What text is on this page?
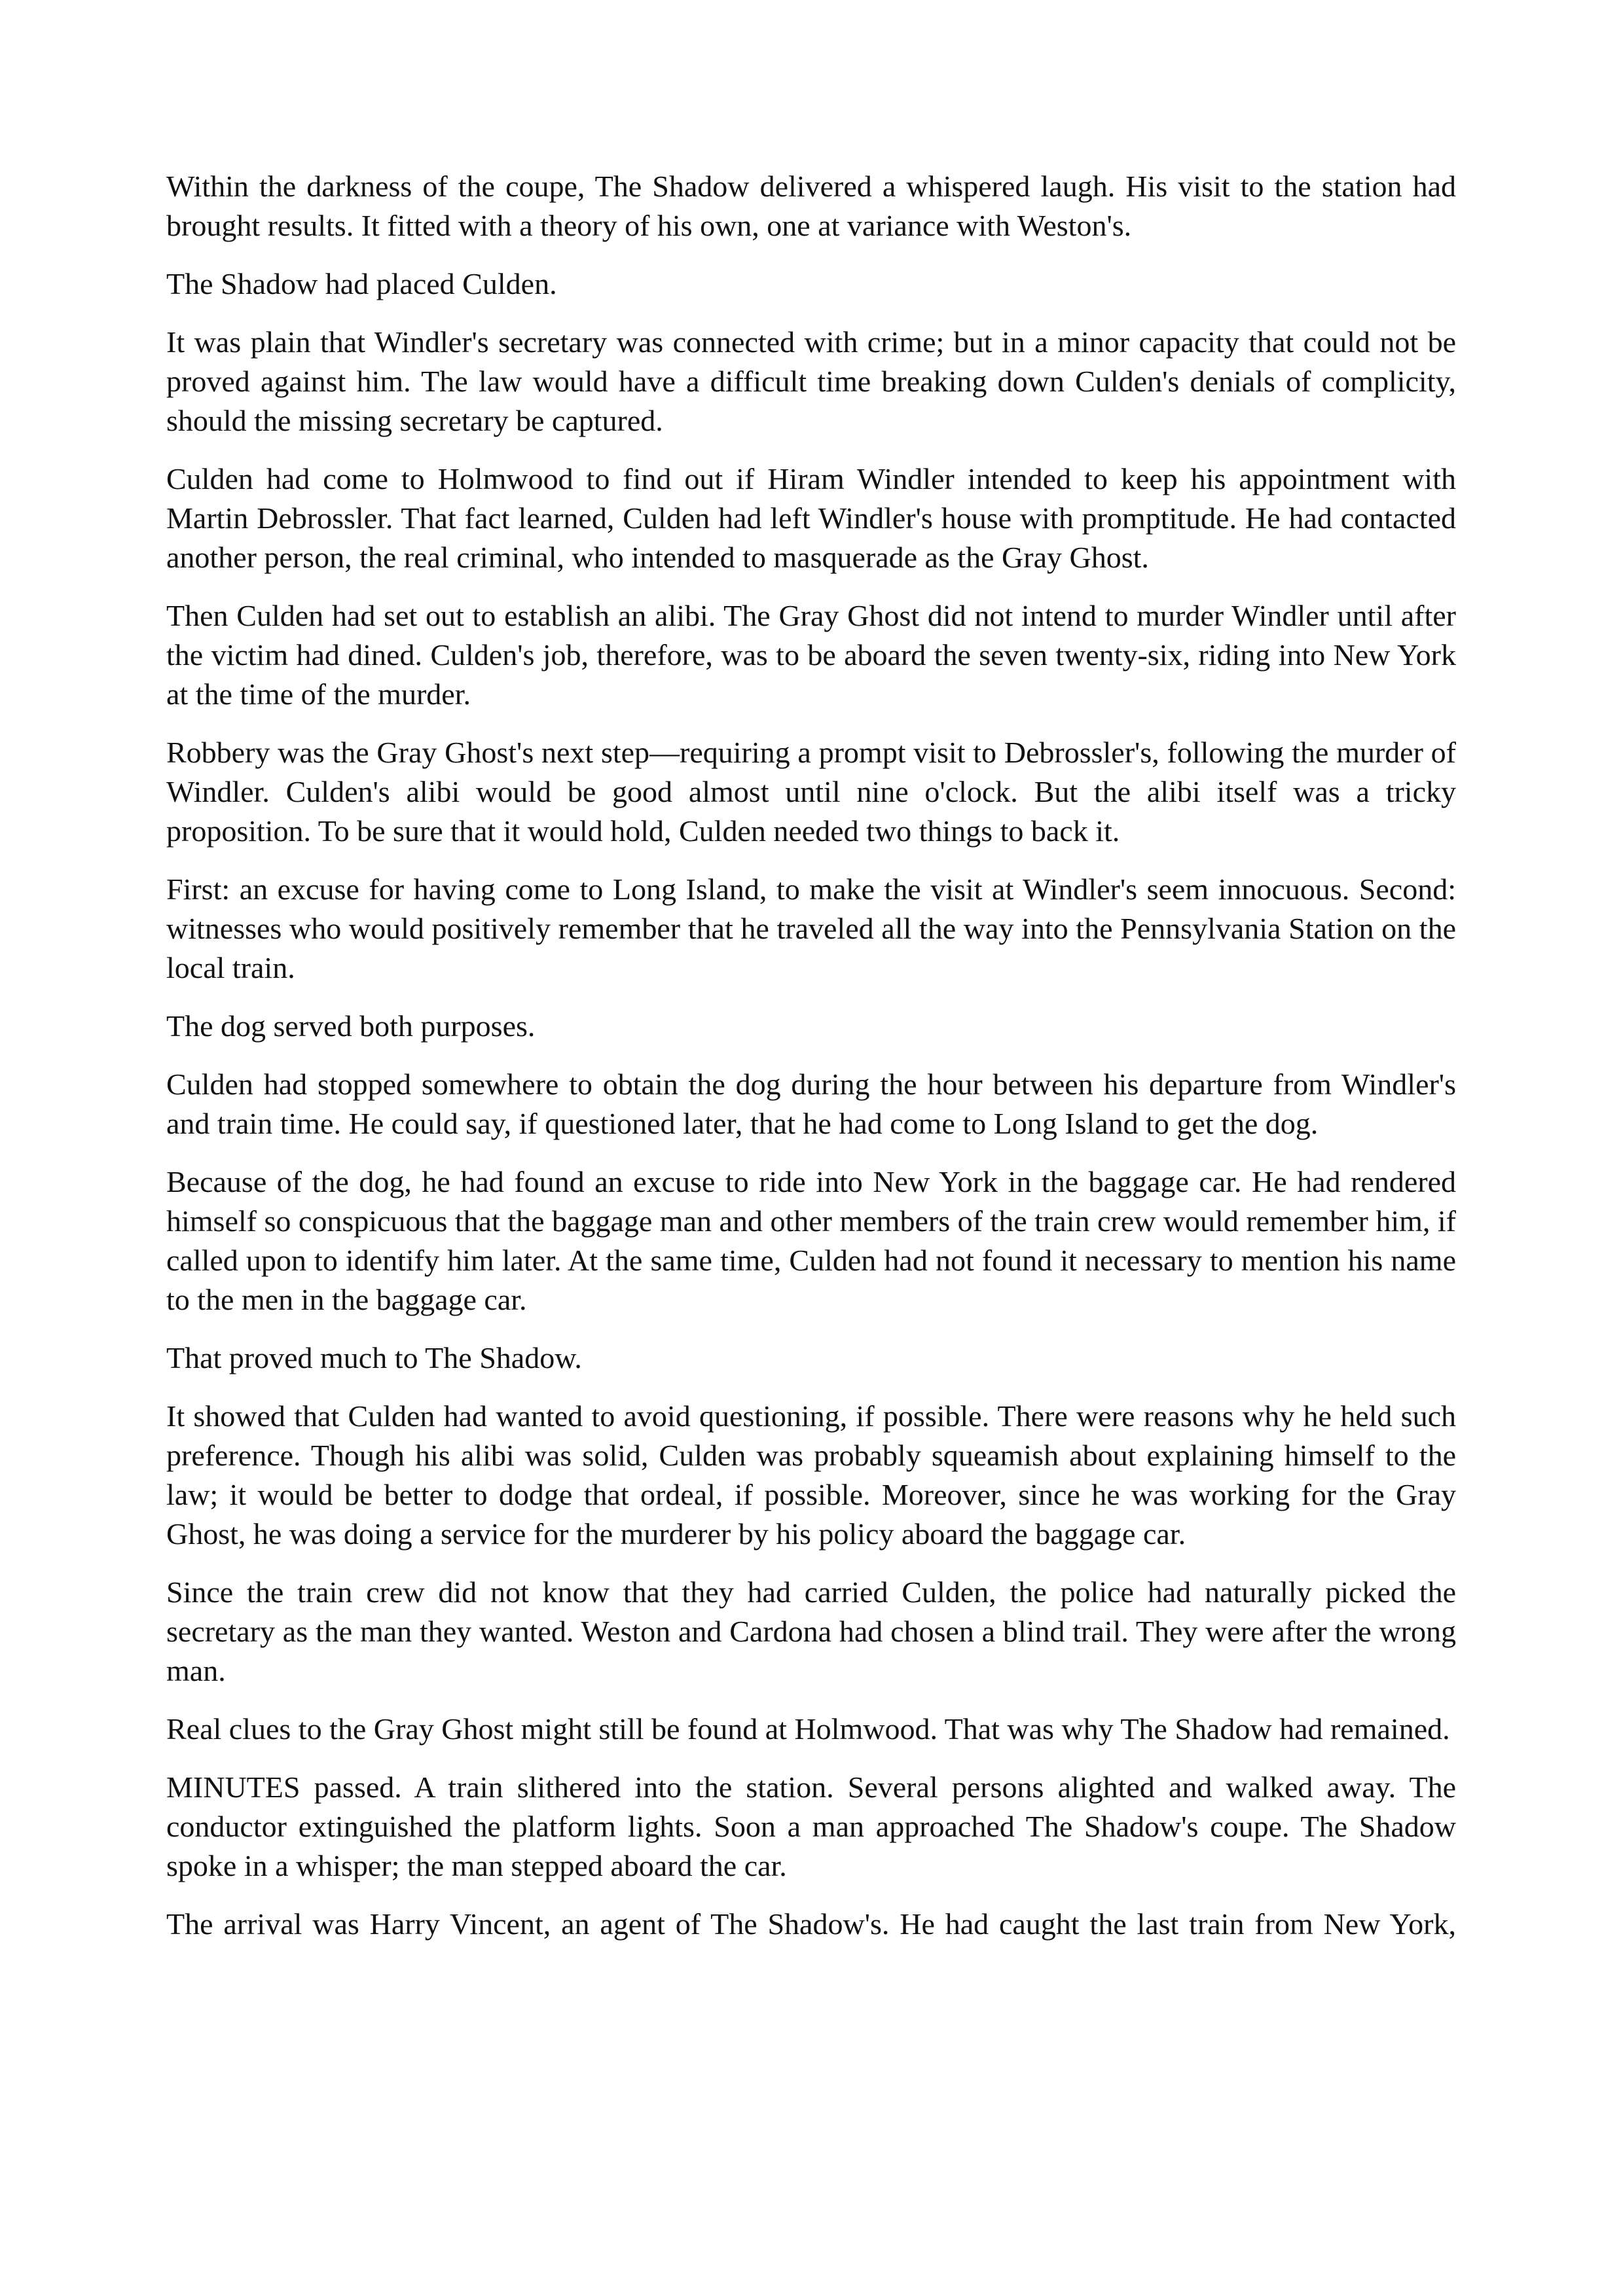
Within the darkness of the coupe, The Shadow delivered a whispered laugh. His visit to the station had brought results. It fitted with a theory of his own, one at variance with Weston's.

The Shadow had placed Culden.

It was plain that Windler's secretary was connected with crime; but in a minor capacity that could not be proved against him. The law would have a difficult time breaking down Culden's denials of complicity, should the missing secretary be captured.

Culden had come to Holmwood to find out if Hiram Windler intended to keep his appointment with Martin Debrossler. That fact learned, Culden had left Windler's house with promptitude. He had contacted another person, the real criminal, who intended to masquerade as the Gray Ghost.

Then Culden had set out to establish an alibi. The Gray Ghost did not intend to murder Windler until after the victim had dined. Culden's job, therefore, was to be aboard the seven twenty-six, riding into New York at the time of the murder.

Robbery was the Gray Ghost's next step—requiring a prompt visit to Debrossler's, following the murder of Windler. Culden's alibi would be good almost until nine o'clock. But the alibi itself was a tricky proposition. To be sure that it would hold, Culden needed two things to back it.

First: an excuse for having come to Long Island, to make the visit at Windler's seem innocuous. Second: witnesses who would positively remember that he traveled all the way into the Pennsylvania Station on the local train.

The dog served both purposes.

Culden had stopped somewhere to obtain the dog during the hour between his departure from Windler's and train time. He could say, if questioned later, that he had come to Long Island to get the dog.

Because of the dog, he had found an excuse to ride into New York in the baggage car. He had rendered himself so conspicuous that the baggage man and other members of the train crew would remember him, if called upon to identify him later. At the same time, Culden had not found it necessary to mention his name to the men in the baggage car.

That proved much to The Shadow.

It showed that Culden had wanted to avoid questioning, if possible. There were reasons why he held such preference. Though his alibi was solid, Culden was probably squeamish about explaining himself to the law; it would be better to dodge that ordeal, if possible. Moreover, since he was working for the Gray Ghost, he was doing a service for the murderer by his policy aboard the baggage car.

Since the train crew did not know that they had carried Culden, the police had naturally picked the secretary as the man they wanted. Weston and Cardona had chosen a blind trail. They were after the wrong man.

Real clues to the Gray Ghost might still be found at Holmwood. That was why The Shadow had remained.

MINUTES passed. A train slithered into the station. Several persons alighted and walked away. The conductor extinguished the platform lights. Soon a man approached The Shadow's coupe. The Shadow spoke in a whisper; the man stepped aboard the car.

The arrival was Harry Vincent, an agent of The Shadow's. He had caught the last train from New York,
